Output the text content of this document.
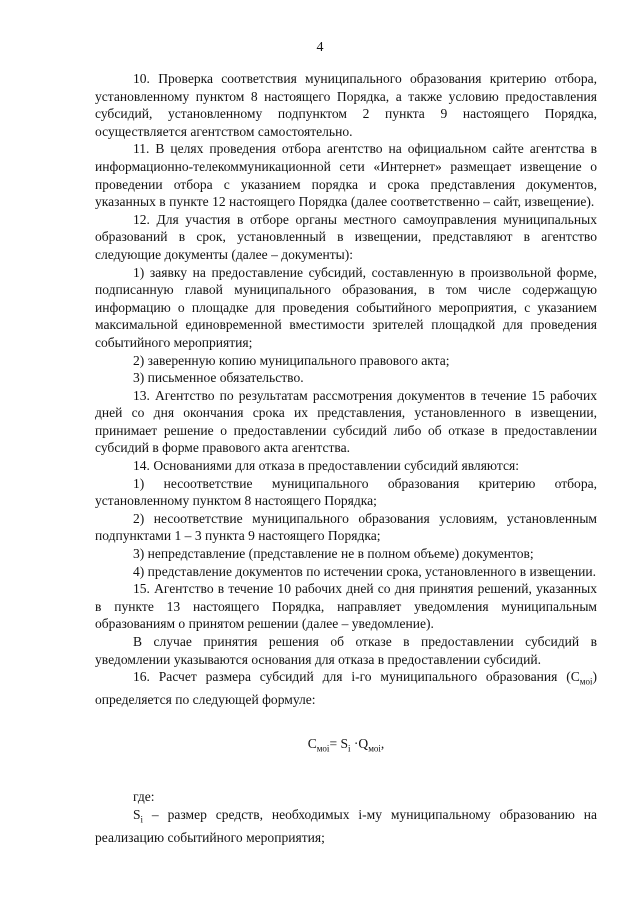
4

10. Проверка соответствия муниципального образования критерию отбора, установленному пунктом 8 настоящего Порядка, а также условию предоставления субсидий, установленному подпунктом 2 пункта 9 настоящего Порядка, осуществляется агентством самостоятельно.

11. В целях проведения отбора агентство на официальном сайте агентства в информационно-телекоммуникационной сети «Интернет» размещает извещение о проведении отбора с указанием порядка и срока представления документов, указанных в пункте 12 настоящего Порядка (далее соответственно – сайт, извещение).

12. Для участия в отборе органы местного самоуправления муниципальных образований в срок, установленный в извещении, представляют в агентство следующие документы (далее – документы):

1) заявку на предоставление субсидий, составленную в произвольной форме, подписанную главой муниципального образования, в том числе содержащую информацию о площадке для проведения событийного мероприятия, с указанием максимальной единовременной вместимости зрителей площадкой для проведения событийного мероприятия;

2) заверенную копию муниципального правового акта;

3) письменное обязательство.

13. Агентство по результатам рассмотрения документов в течение 15 рабочих дней со дня окончания срока их представления, установленного в извещении, принимает решение о предоставлении субсидий либо об отказе в предоставлении субсидий в форме правового акта агентства.

14. Основаниями для отказа в предоставлении субсидий являются:

1) несоответствие муниципального образования критерию отбора, установленному пунктом 8 настоящего Порядка;

2) несоответствие муниципального образования условиям, установленным подпунктами 1 – 3 пункта 9 настоящего Порядка;

3) непредставление (представление не в полном объеме) документов;

4) представление документов по истечении срока, установленного в извещении.

15. Агентство в течение 10 рабочих дней со дня принятия решений, указанных в пункте 13 настоящего Порядка, направляет уведомления муниципальным образованиям о принятом решении (далее – уведомление).

В случае принятия решения об отказе в предоставлении субсидий в уведомлении указываются основания для отказа в предоставлении субсидий.

16. Расчет размера субсидий для i-го муниципального образования $(С_{мoi})$ определяется по следующей формуле:

$С_{мoi}= S_i \cdot Q_{мoi}$,

где:

$S_i$ – размер средств, необходимых i-му муниципальному образованию на реализацию событийного мероприятия;
